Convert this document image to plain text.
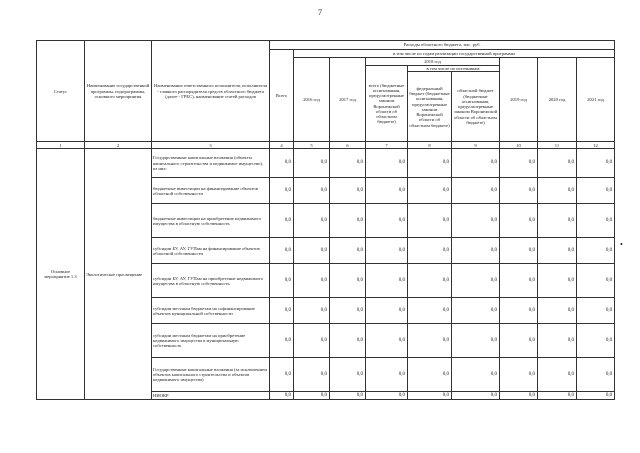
7
Статус	Наименование государственной программы, подпрограммы, основного мероприятия	Наименование ответственного исполнителя, исполнителя - главного распорядителя средств областного бюджета (далее - ГРБС), наименование статей расходов	Расходы областного бюджета, тыс. руб.								
			Всего	в том числе по годам реализации государственной программы							
				2016 год	2017 год	2018 год			2019 год	2020 год	2021 год
						всего (бюджетные ассигнования, предусмотренные законом Воронежской области об областном бюджете)	в том числе по источникам:				
							федеральный бюджет (бюджетные ассигнования, предусмотренные законом Воронежской области об областном бюджете)	областной бюджет (бюджетные ассигнования, предусмотренные законом Воронежской области об областном бюджете)			
1	2	3	4	5	6	7	8	9	10	11	12
Основное мероприятие 1.3	Экологическое просвещение	Государственные капитальные вложения (объекты капитального строительства и недвижимое имущество), из них:	0,0	0,0	0,0	0,0	0,0	0,0	0,0	0,0	0,0
		бюджетные инвестиции на финансирование объектов областной собственности	0,0	0,0	0,0	0,0	0,0	0,0	0,0	0,0	0,0
		бюджетные инвестиции на приобретение недвижимого имущества в областную собственность	0,0	0,0	0,0	0,0	0,0	0,0	0,0	0,0	0,0
		субсидии БУ, АУ, ГУПам на финансирование объектов областной собственности	0,0	0,0	0,0	0,0	0,0	0,0	0,0	0,0	0,0
		субсидии БУ, АУ, ГУПам на приобретение недвижимого имущества в областную собственность	0,0	0,0	0,0	0,0	0,0	0,0	0,0	0,0	0,0
		субсидии местным бюджетам на софинансирование объектов муниципальной собственности	0,0	0,0	0,0	0,0	0,0	0,0	0,0	0,0	0,0
		субсидии местным бюджетам на приобретение недвижимого имущества в муниципальную собственность	0,0	0,0	0,0	0,0	0,0	0,0	0,0	0,0	0,0
		Государственные капитальные вложения (за исключением объектов капитального строительства и объектов недвижимого имущества)	0,0	0,0	0,0	0,0	0,0	0,0	0,0	0,0	0,0
		НИОКР	0,0	0,0	0,0	0,0	0,0	0,0	0,0	0,0	0,0
•
